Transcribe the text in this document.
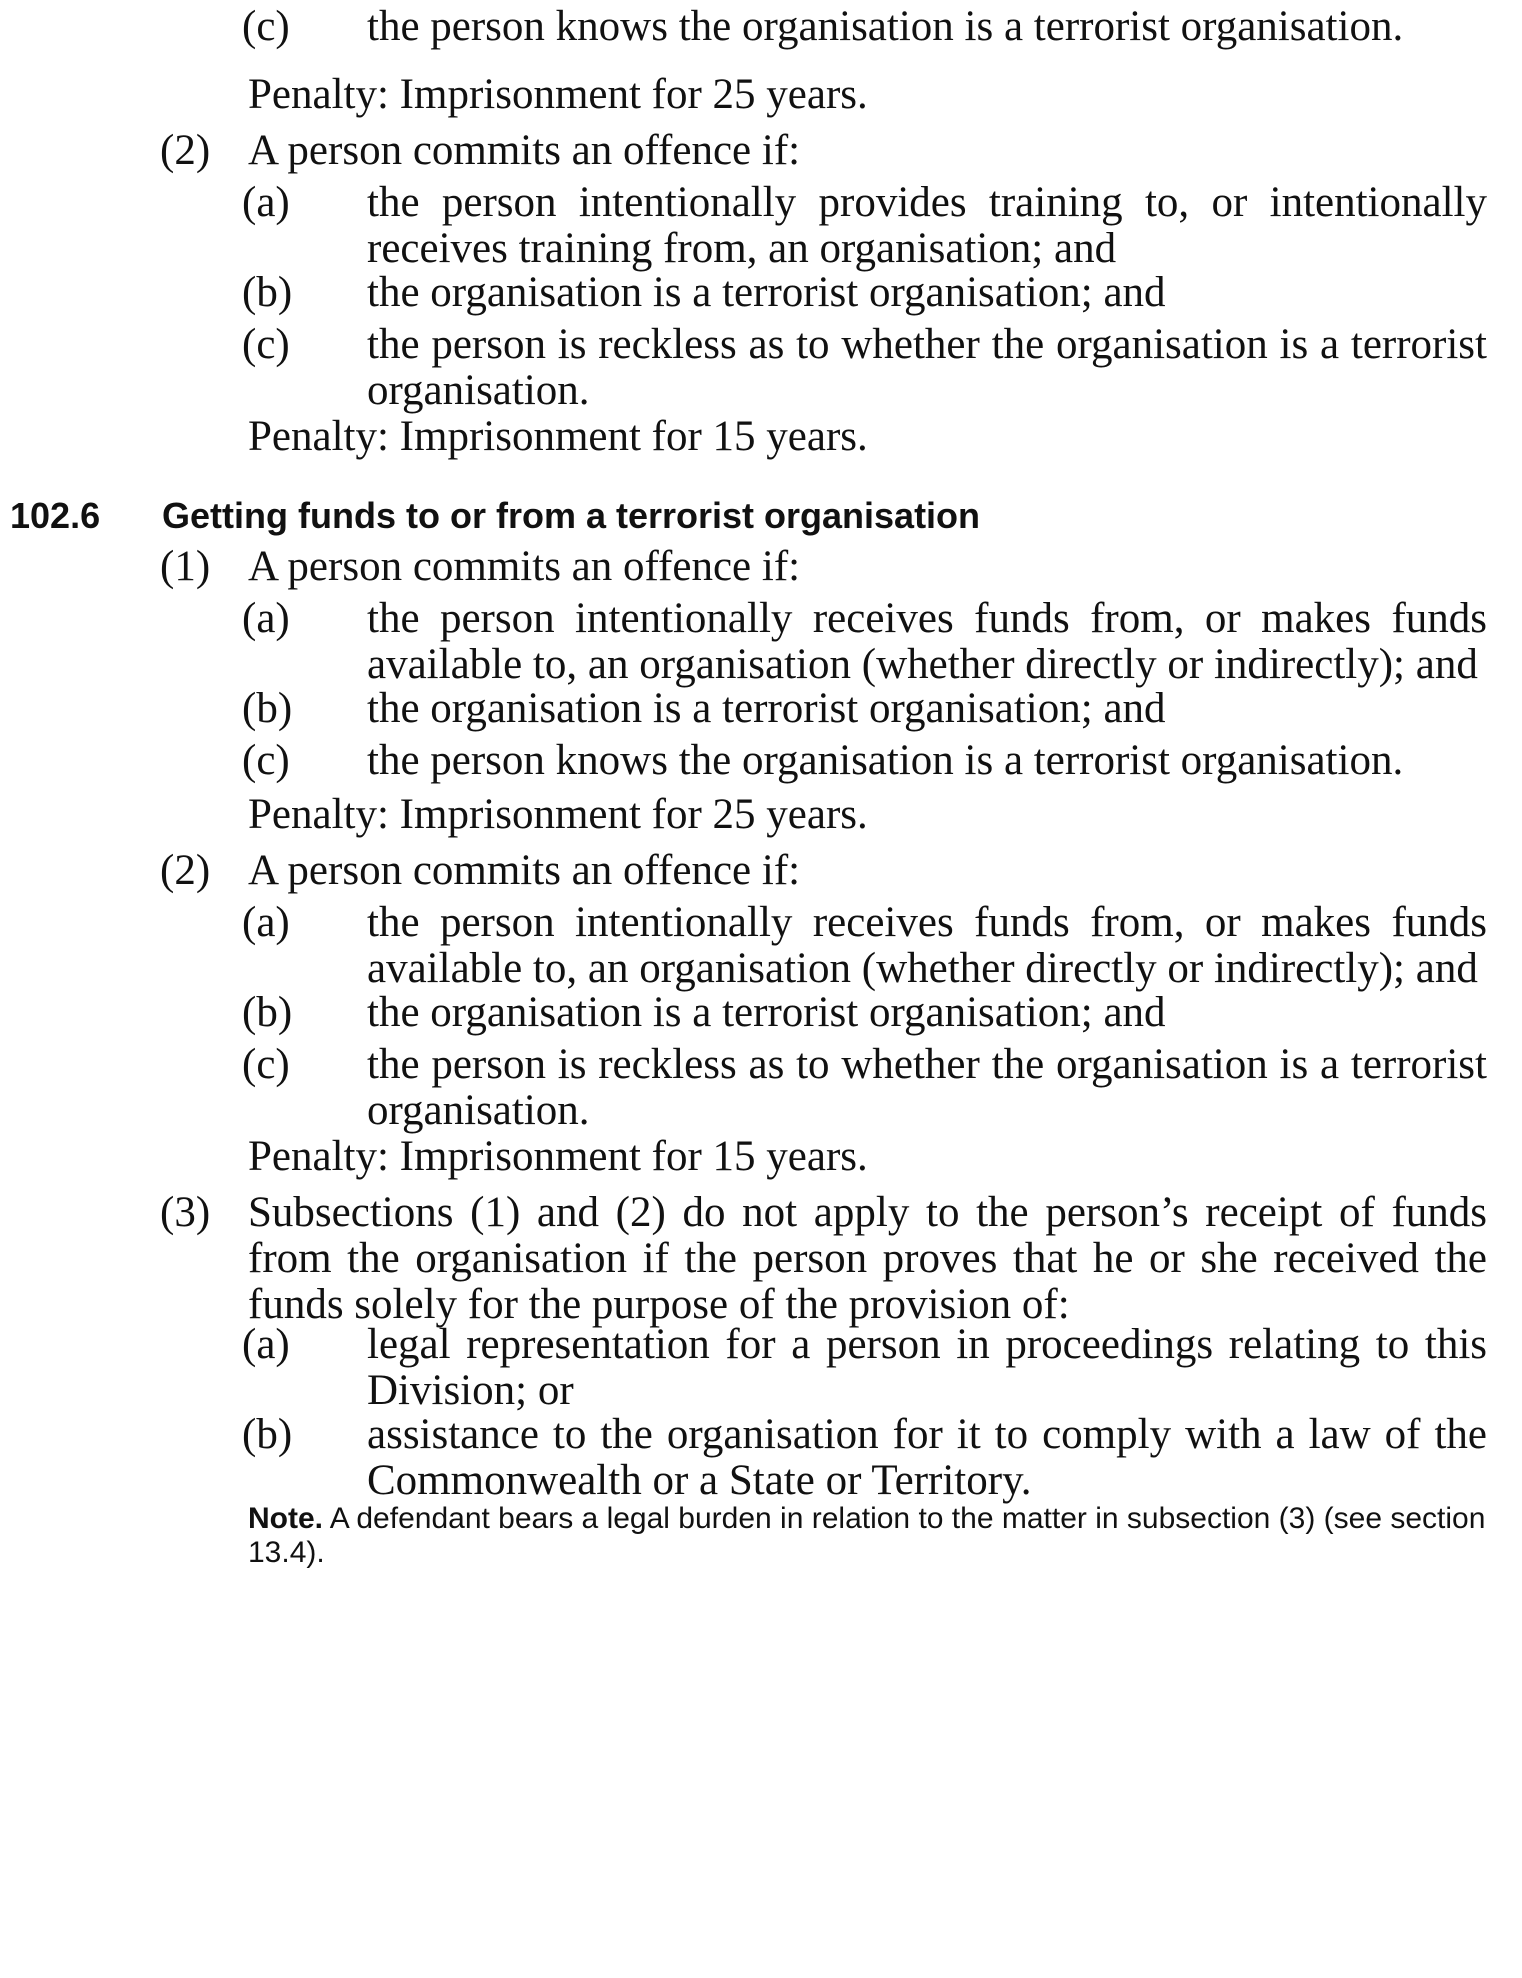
(c) the person knows the organisation is a terrorist organisation.
Penalty: Imprisonment for 25 years.
(2) A person commits an offence if:
(a) the person intentionally provides training to, or intentionally receives training from, an organisation; and
(b) the organisation is a terrorist organisation; and
(c) the person is reckless as to whether the organisation is a terrorist organisation.
Penalty: Imprisonment for 15 years.
102.6 Getting funds to or from a terrorist organisation
(1) A person commits an offence if:
(a) the person intentionally receives funds from, or makes funds available to, an organisation (whether directly or indirectly); and
(b) the organisation is a terrorist organisation; and
(c) the person knows the organisation is a terrorist organisation.
Penalty: Imprisonment for 25 years.
(2) A person commits an offence if:
(a) the person intentionally receives funds from, or makes funds available to, an organisation (whether directly or indirectly); and
(b) the organisation is a terrorist organisation; and
(c) the person is reckless as to whether the organisation is a terrorist organisation.
Penalty: Imprisonment for 15 years.
(3) Subsections (1) and (2) do not apply to the person’s receipt of funds from the organisation if the person proves that he or she received the funds solely for the purpose of the provision of:
(a) legal representation for a person in proceedings relating to this Division; or
(b) assistance to the organisation for it to comply with a law of the Commonwealth or a State or Territory.
Note. A defendant bears a legal burden in relation to the matter in subsection (3) (see section 13.4).
